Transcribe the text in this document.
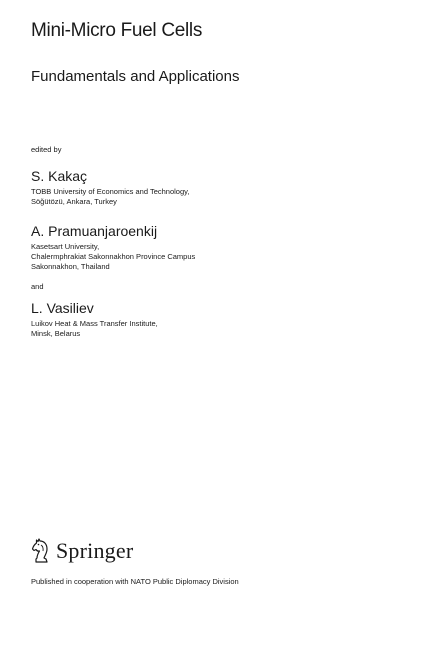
Mini-Micro Fuel Cells
Fundamentals and Applications
edited by
S. Kakaç
TOBB University of Economics and Technology,
Söğütözü, Ankara, Turkey
A. Pramuanjaroenkij
Kasetsart University,
Chalermphrakiat Sakonnakhon Province Campus
Sakonnakhon, Thailand
and
L. Vasiliev
Luikov Heat & Mass Transfer Institute,
Minsk, Belarus
Springer
Published in cooperation with NATO Public Diplomacy Division
